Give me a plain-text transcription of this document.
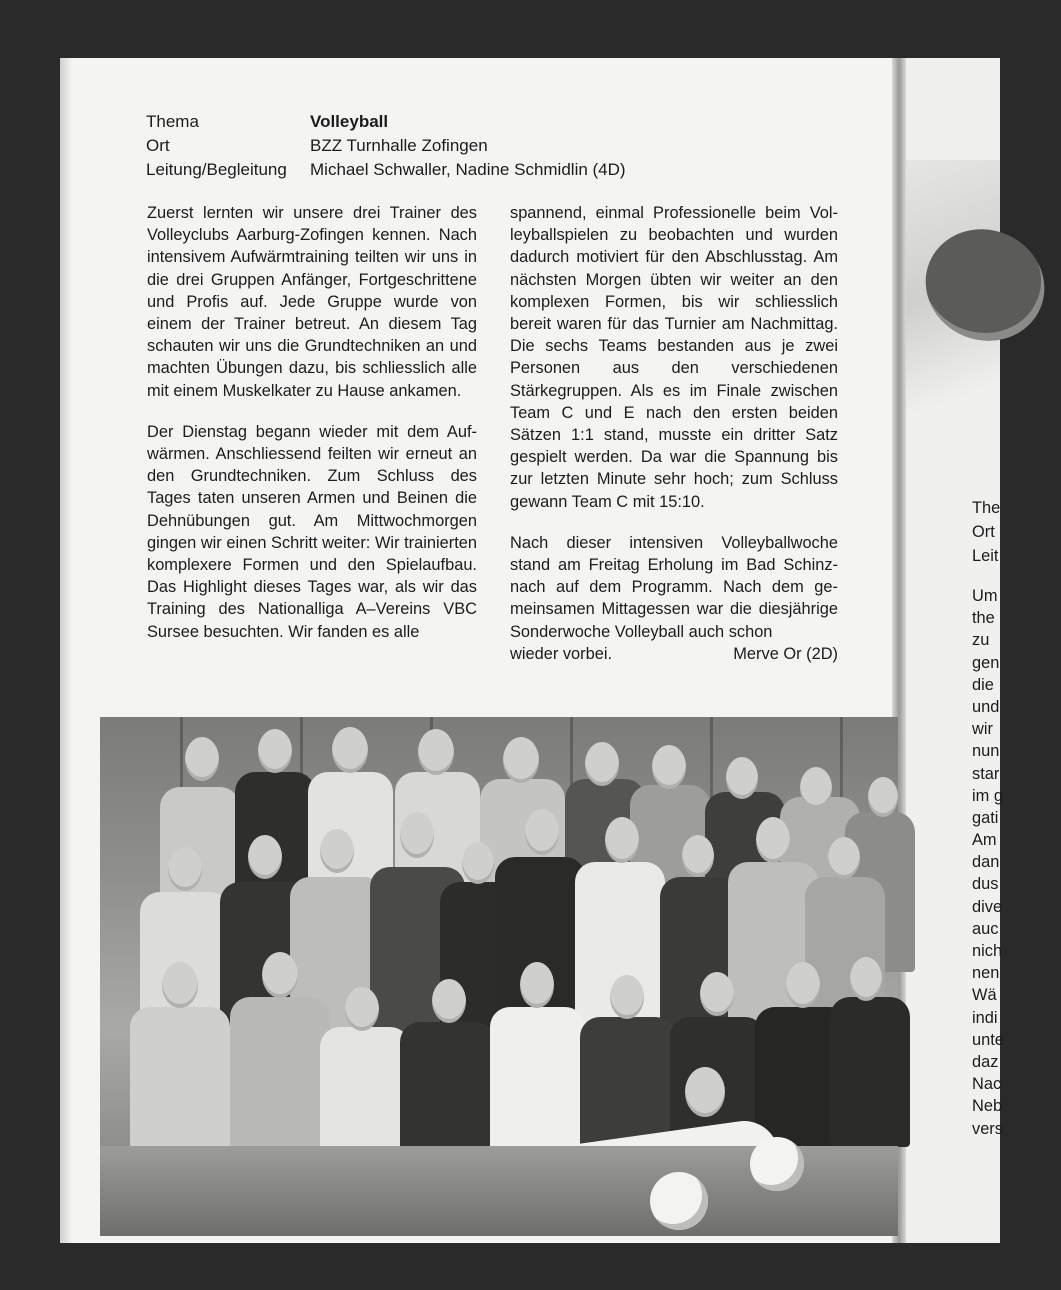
Thema	Volleyball
Ort	BZZ Turnhalle Zofingen
Leitung/Begleitung	Michael Schwaller, Nadine Schmidlin (4D)

Zuerst lernten wir unsere drei Trainer des Volleyclubs Aarburg-Zofingen kennen. Nach intensivem Aufwärmtraining teilten wir uns in die drei Gruppen Anfänger, Fortgeschrittene und Profis auf. Jede Gruppe wurde von einem der Trainer betreut. An diesem Tag schauten wir uns die Grundtechniken an und machten Übungen dazu, bis schliesslich alle mit einem Muskelkater zu Hause ankamen.

Der Dienstag begann wieder mit dem Aufwärmen. Anschliessend feilten wir erneut an den Grundtechniken. Zum Schluss des Tages taten unseren Armen und Beinen die Dehnübungen gut. Am Mittwochmorgen gingen wir einen Schritt weiter: Wir trainierten komplexere Formen und den Spielaufbau. Das Highlight dieses Tages war, als wir das Training des Nationalliga A–Vereins VBC Sursee besuchten. Wir fanden es alle

spannend, einmal Professionelle beim Volleyballspielen zu beobachten und wurden dadurch motiviert für den Abschlusstag. Am nächsten Morgen übten wir weiter an den komplexen Formen, bis wir schliesslich bereit waren für das Turnier am Nachmittag. Die sechs Teams bestanden aus je zwei Personen aus den verschiedenen Stärkegruppen. Als es im Finale zwischen Team C und E nach den ersten beiden Sätzen 1:1 stand, musste ein dritter Satz gespielt werden. Da war die Spannung bis zur letzten Minute sehr hoch; zum Schluss gewann Team C mit 15:10.

Nach dieser intensiven Volleyballwoche stand am Freitag Erholung im Bad Schinznach auf dem Programm. Nach dem gemeinsamen Mittagessen war die diesjährige Sonderwoche Volleyball auch schon

wieder vorbei.	Merve Or (2D)
The
Ort
Leit
Um
the
zu
gen
die
und
wir
nun
star
im g
gati
Am
dan
dus
dive
auc
nich
nen
Wä
indi
unte
daz
Nac
Neb
vers
